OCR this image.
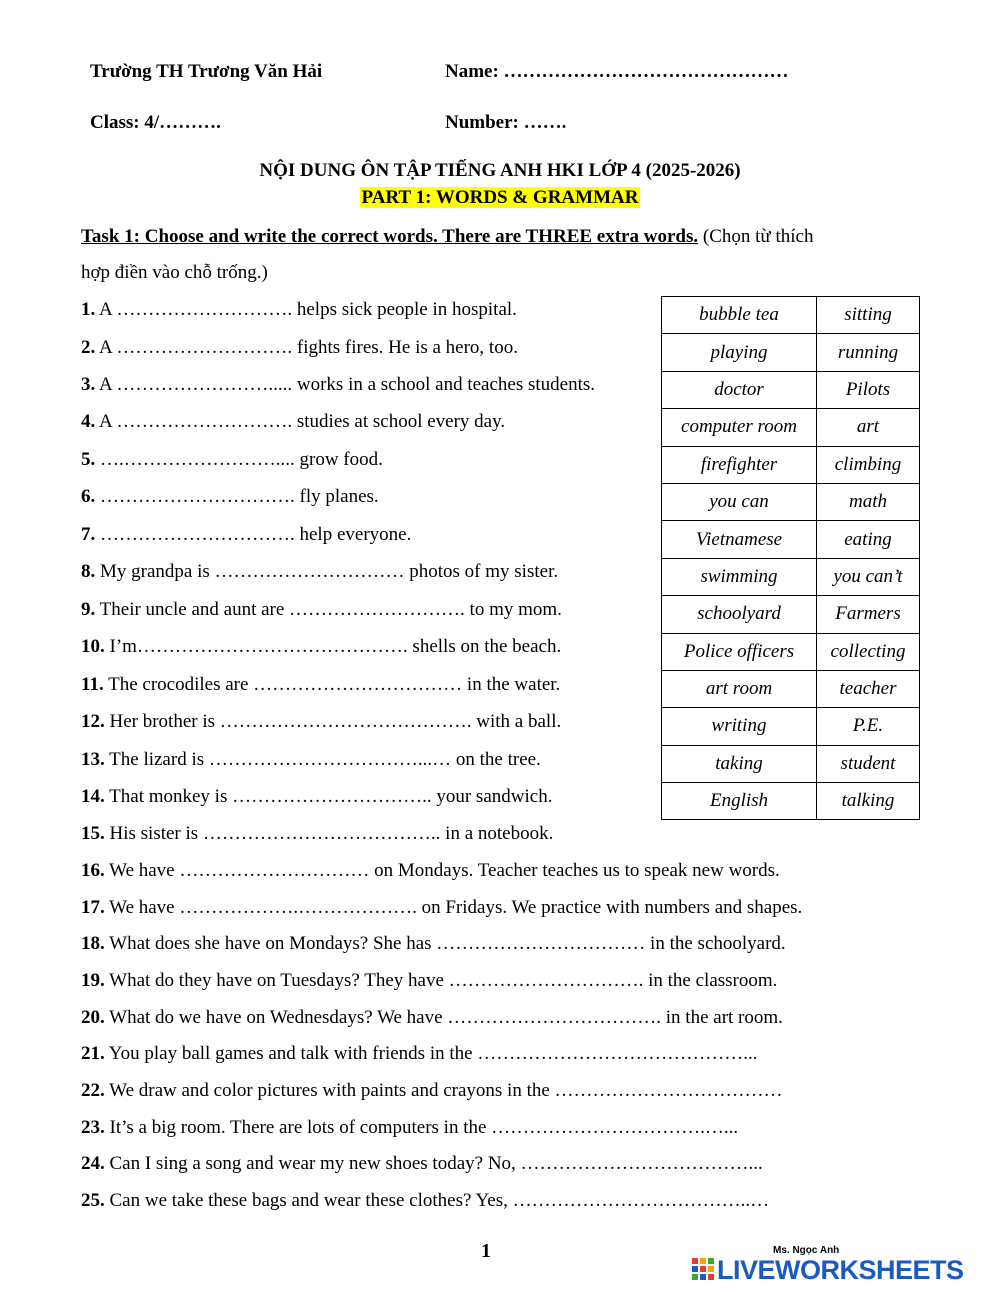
Trường TH Trương Văn Hải	Name: ………………………………………
Class: 4/……….	Number: …….
NỘI DUNG ÔN TẬP TIẾNG ANH HKI LỚP 4 (2025-2026)
PART 1: WORDS & GRAMMAR
Task 1: Choose and write the correct words. There are THREE extra words. (Chọn từ thích
hợp điền vào chỗ trống.)
1. A ………………………. helps sick people in hospital.
2. A ………………………. fights fires. He is a hero, too.
3. A ……………………..... works in a school and teaches students.
4. A ………………………. studies at school every day.
5. ….…………………….... grow food.
6. …………………………. fly planes.
7. …………………………. help everyone.
8. My grandpa is ………………………… photos of my sister.
9. Their uncle and aunt are ………………………. to my mom.
10. I’m……………………………………. shells on the beach.
11. The crocodiles are …………………………… in the water.
12. Her brother is …………………………………. with a ball.
13. The lizard is ……………………………...… on the tree.
14. That monkey is ………………………….. your sandwich.
15. His sister is ……………………………….. in a notebook.
16. We have ………………………… on Mondays. Teacher teaches us to speak new words.
17. We have ……………….………………. on Fridays. We practice with numbers and shapes.
18. What does she have on Mondays? She has …………………………… in the schoolyard.
19. What do they have on Tuesdays? They have …………………………. in the classroom.
20. What do we have on Wednesdays? We have ……………………………. in the art room.
21. You play ball games and talk with friends in the ……………………………………...
22. We draw and color pictures with paints and crayons in the ………………………………
23. It’s a big room. There are lots of computers in the …………………………….…...
24. Can I sing a song and wear my new shoes today? No, ………………………………...
25. Can we take these bags and wear these clothes? Yes, ………………………………..…
bubble tea	sitting
playing	running
doctor	Pilots
computer room	art
firefighter	climbing
you can	math
Vietnamese	eating
swimming	you can’t
schoolyard	Farmers
Police officers	collecting
art room	teacher
writing	P.E.
taking	student
English	talking
1	Ms. Ngọc Anh
LIVEWORKSHEETS
